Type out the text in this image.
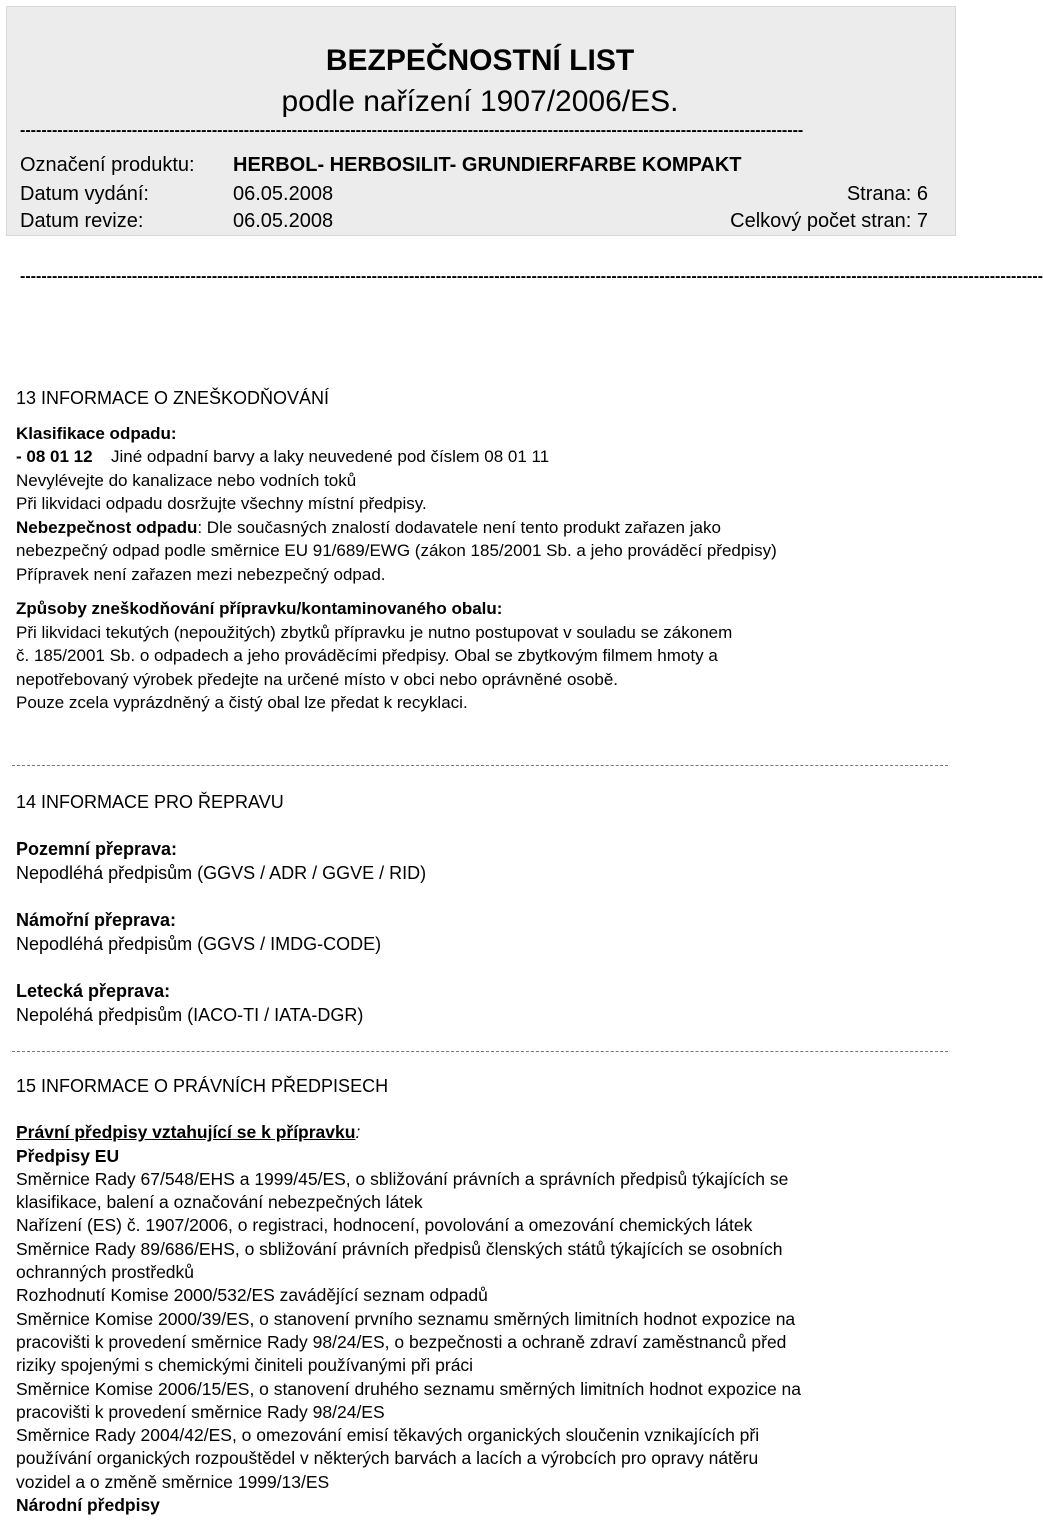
BEZPEČNOSTNÍ LIST
podle nařízení 1907/2006/ES.
---------------------------------------------------------------------------------------------------------------------------------------------------
Označení produktu: HERBOL- HERBOSILIT- GRUNDIERFARBE KOMPAKT
Datum vydání:	06.05.2008	Strana: 6
Datum revize:	06.05.2008	Celkový počet stran: 7
------------------------------------------------------------------------------------------------------------------------------------------------------------------------------------------------
13 INFORMACE O ZNEŠKODŇOVÁNÍ
Klasifikace odpadu:
- 08 01 12 Jiné odpadní barvy a laky neuvedené pod číslem 08 01 11
Nevylévejte do kanalizace nebo vodních toků
Při likvidaci odpadu dosržujte všechny místní předpisy.
Nebezpečnost odpadu: Dle současných znalostí dodavatele není tento produkt zařazen jako
nebezpečný odpad podle směrnice EU 91/689/EWG (zákon 185/2001 Sb. a jeho prováděcí předpisy)
Přípravek není zařazen mezi nebezpečný odpad.
Způsoby zneškodňování přípravku/kontaminovaného obalu:
Při likvidaci tekutých (nepoužitých) zbytků přípravku je nutno postupovat v souladu se zákonem
č. 185/2001 Sb. o odpadech a jeho prováděcími předpisy. Obal se zbytkovým filmem hmoty a
nepotřebovaný výrobek předejte na určené místo v obci nebo oprávněné osobě.
Pouze zcela vyprázdněný a čistý obal lze předat k recyklaci.
14 INFORMACE PRO ŘEPRAVU
Pozemní přeprava:
Nepodléhá předpisům (GGVS / ADR / GGVE / RID)
Námořní přeprava:
Nepodléhá předpisům (GGVS / IMDG-CODE)
Letecká přeprava:
Nepoléhá předpisům (IACO-TI / IATA-DGR)
15 INFORMACE O PRÁVNÍCH PŘEDPISECH
Právní předpisy vztahující se k přípravku:
Předpisy EU
Směrnice Rady 67/548/EHS a 1999/45/ES, o sbližování právních a správních předpisů týkajících se
klasifikace, balení a označování nebezpečných látek
Nařízení (ES) č. 1907/2006, o registraci, hodnocení, povolování a omezování chemických látek
Směrnice Rady 89/686/EHS, o sbližování právních předpisů členských států týkajících se osobních
ochranných prostředků
Rozhodnutí Komise 2000/532/ES zavádějící seznam odpadů
Směrnice Komise 2000/39/ES, o stanovení prvního seznamu směrných limitních hodnot expozice na
pracovišti k provedení směrnice Rady 98/24/ES, o bezpečnosti a ochraně zdraví zaměstnanců před
riziky spojenými s chemickými činiteli používanými při práci
Směrnice Komise 2006/15/ES, o stanovení druhého seznamu směrných limitních hodnot expozice na
pracovišti k provedení směrnice Rady 98/24/ES
Směrnice Rady 2004/42/ES, o omezování emisí těkavých organických sloučenin vznikajících při
používání organických rozpouštědel v některých barvách a lacích a výrobcích pro opravy nátěru
vozidel a o změně směrnice 1999/13/ES
Národní předpisy
